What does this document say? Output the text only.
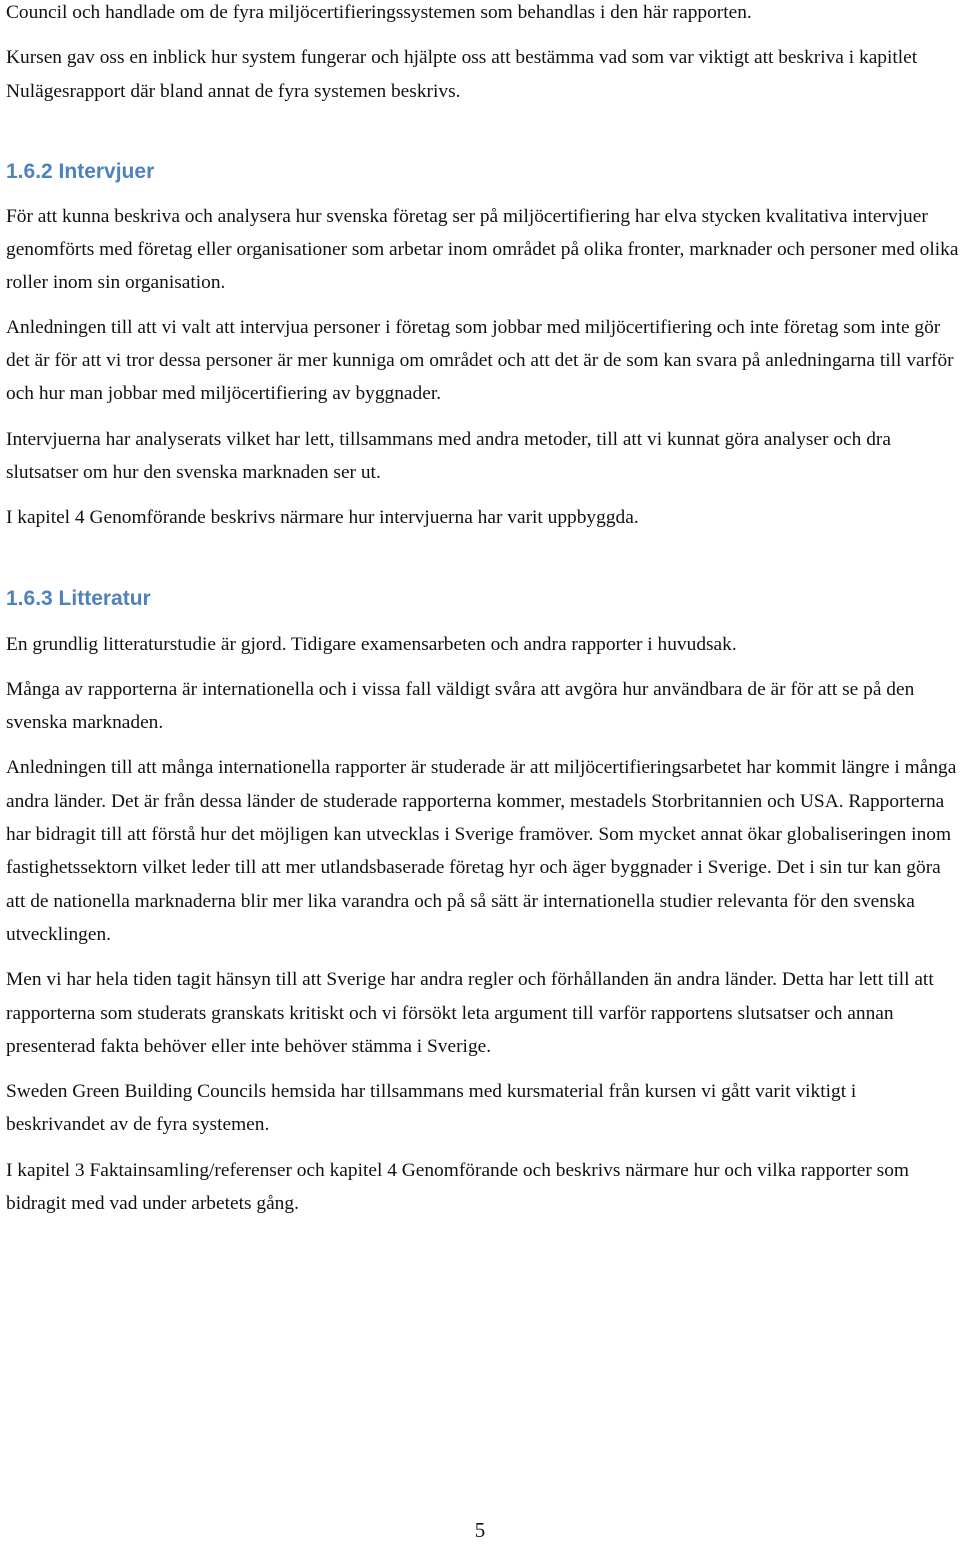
Council och handlade om de fyra miljöcertifieringssystemen som behandlas i den här rapporten.

Kursen gav oss en inblick hur system fungerar och hjälpte oss att bestämma vad som var viktigt att beskriva i kapitlet Nulägesrapport där bland annat de fyra systemen beskrivs.

1.6.2 Intervjuer

För att kunna beskriva och analysera hur svenska företag ser på miljöcertifiering har elva stycken kvalitativa intervjuer genomförts med företag eller organisationer som arbetar inom området på olika fronter, marknader och personer med olika roller inom sin organisation.

Anledningen till att vi valt att intervjua personer i företag som jobbar med miljöcertifiering och inte företag som inte gör det är för att vi tror dessa personer är mer kunniga om området och att det är de som kan svara på anledningarna till varför och hur man jobbar med miljöcertifiering av byggnader.

Intervjuerna har analyserats vilket har lett, tillsammans med andra metoder, till att vi kunnat göra analyser och dra slutsatser om hur den svenska marknaden ser ut.

I kapitel 4 Genomförande beskrivs närmare hur intervjuerna har varit uppbyggda.

1.6.3 Litteratur

En grundlig litteraturstudie är gjord. Tidigare examensarbeten och andra rapporter i huvudsak.

Många av rapporterna är internationella och i vissa fall väldigt svåra att avgöra hur användbara de är för att se på den svenska marknaden.

Anledningen till att många internationella rapporter är studerade är att miljöcertifieringsarbetet har kommit längre i många andra länder. Det är från dessa länder de studerade rapporterna kommer, mestadels Storbritannien och USA. Rapporterna har bidragit till att förstå hur det möjligen kan utvecklas i Sverige framöver. Som mycket annat ökar globaliseringen inom fastighetssektorn vilket leder till att mer utlandsbaserade företag hyr och äger byggnader i Sverige. Det i sin tur kan göra att de nationella marknaderna blir mer lika varandra och på så sätt är internationella studier relevanta för den svenska utvecklingen.

Men vi har hela tiden tagit hänsyn till att Sverige har andra regler och förhållanden än andra länder. Detta har lett till att rapporterna som studerats granskats kritiskt och vi försökt leta argument till varför rapportens slutsatser och annan presenterad fakta behöver eller inte behöver stämma i Sverige.

Sweden Green Building Councils hemsida har tillsammans med kursmaterial från kursen vi gått varit viktigt i beskrivandet av de fyra systemen.

I kapitel 3 Faktainsamling/referenser och kapitel 4 Genomförande och beskrivs närmare hur och vilka rapporter som bidragit med vad under arbetets gång.

5
